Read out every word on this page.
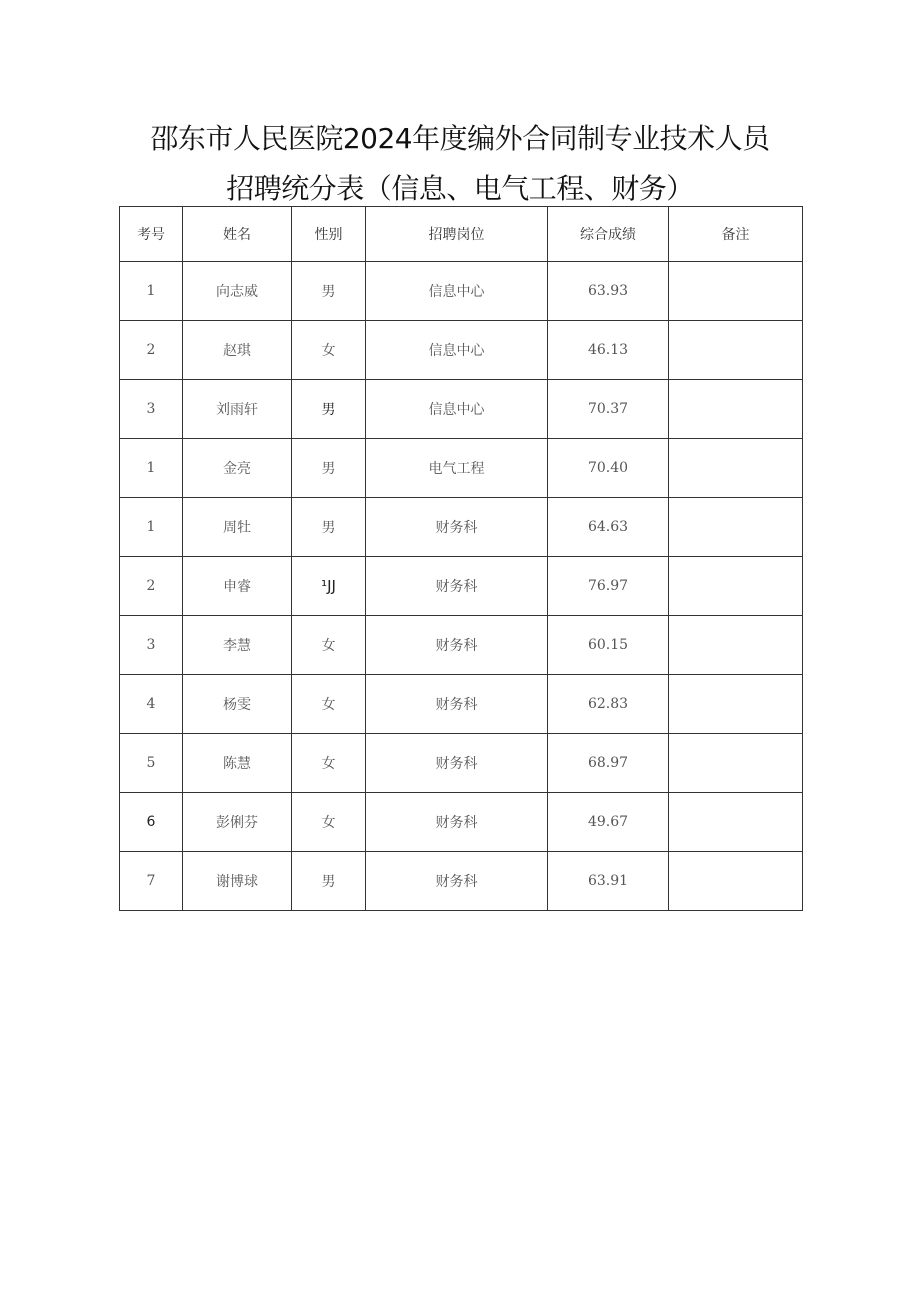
邵东市人民医院2024年度编外合同制专业技术人员
招聘统分表（信息、电气工程、财务）
考号	姓名	性别	招聘岗位	综合成绩	备注
1	向志威	男	信息中心	63.93	
2	赵琪	女	信息中心	46.13	
3	刘雨轩	男	信息中心	70.37	
1	金亮	男	电气工程	70.40	
1	周牡	男	财务科	64.63	
2	申睿	¹JJ	财务科	76.97	
3	李慧	女	财务科	60.15	
4	杨雯	女	财务科	62.83	
5	陈慧	女	财务科	68.97	
6	彭俐芬	女	财务科	49.67	
7	谢博球	男	财务科	63.91	
